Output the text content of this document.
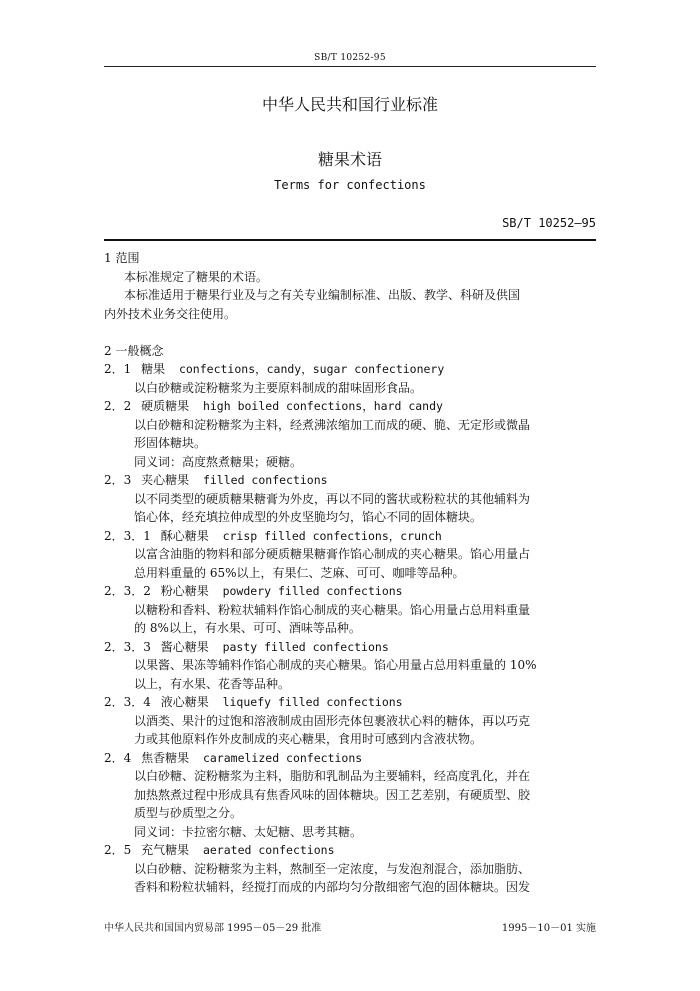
SB/T 10252-95
中华人民共和国行业标准
糖果术语
Terms for confections
SB/T 10252—95
1 范围
本标准规定了糖果的术语。
本标准适用于糖果行业及与之有关专业编制标准、出版、教学、科研及供国
内外技术业务交往使用。
2 一般概念
2．1 糖果 confections，candy，sugar confectionery
以白砂糖或淀粉糖浆为主要原料制成的甜味固形食品。
2．2 硬质糖果 high boiled confections，hard candy
以白砂糖和淀粉糖浆为主料，经煮沸浓缩加工而成的硬、脆、无定形或微晶
形固体糖块。
同义词：高度熬煮糖果；硬糖。
2．3 夹心糖果 filled confections
以不同类型的硬质糖果糖膏为外皮，再以不同的酱状或粉粒状的其他辅料为
馅心体，经充填拉伸成型的外皮坚脆均匀，馅心不同的固体糖块。
2．3．1 酥心糖果 crisp filled confections，crunch
以富含油脂的物料和部分硬质糖果糖膏作馅心制成的夹心糖果。馅心用量占
总用料重量的 65%以上，有果仁、芝麻、可可、咖啡等品种。
2．3．2 粉心糖果 powdery filled confections
以糖粉和香料、粉粒状辅料作馅心制成的夹心糖果。馅心用量占总用料重量
的 8%以上，有水果、可可、酒味等品种。
2．3．3 酱心糖果 pasty filled confections
以果酱、果冻等辅料作馅心制成的夹心糖果。馅心用量占总用料重量的 10%
以上，有水果、花香等品种。
2．3．4 液心糖果 liquefy filled confections
以酒类、果汁的过饱和溶液制成由固形壳体包裹液状心料的糖体，再以巧克
力或其他原料作外皮制成的夹心糖果，食用时可感到内含液状物。
2．4 焦香糖果 caramelized confections
以白砂糖、淀粉糖浆为主料，脂肪和乳制品为主要辅料，经高度乳化，并在
加热熬煮过程中形成具有焦香风味的固体糖块。因工艺差别，有硬质型、胶
质型与砂质型之分。
同义词：卡拉密尔糖、太妃糖、思考其糖。
2．5 充气糖果 aerated confections
以白砂糖、淀粉糖浆为主料，熬制至一定浓度，与发泡剂混合，添加脂肪、
香料和粉粒状辅料，经搅打而成的内部均匀分散细密气泡的固体糖块。因发
中华人民共和国国内贸易部 1995－05－29 批准	1995－10－01 实施
